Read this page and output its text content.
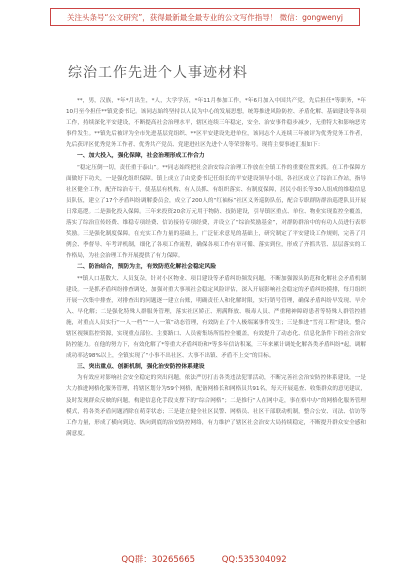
关注头条号“公文研究”，获得最新最全最专业的公文写作指导！ 微信：gongwenyj
综治工作先进个人事迹材料

**，男，汉族，*年*月出生，*人，大学学历，*年11月参加工作，*年6月加入中国共产党，先后担任*等职务，*年10月至今担任**镇党委书记。该同志始终坚持以人民为中心的发展思想，统筹推进风险防控、矛盾化解、基础建设等各项工作，持续深化平安建设，不断提高社会治理水平，辖区连续三年稳定，安全、治安事件稳步减少，无重特大和影响恶劣事件发生。**镇先后被评为全市先进基层党组织、**区平安建设先进单位，该同志个人连续三年被评为优秀党务工作者，先后获评区优秀党务工作者、优秀共产党员、党建进社区先进个人等荣誉称号。现将主要事迹汇报如下：

一、加大投入，强化保障，社会治理形成工作合力

“稳定压倒一切，责任重于泰山”。**同志始终把社会治安综合治理工作放在全镇工作的重要位置来抓。在工作保障方面做好下功夫，一是强化组织保障。镇上成立了由党委书记任组长的平安建设领导小组，各社区成立了综治工作站，指导社区健全工作，配齐综治专干，使基层有机构、有人员抓、有组织落实、有制度保障，居民小组长等30人组成的维稳信息员队伍，建立了17个矛盾纠纷调解委员会，成立了200人的“红袖标”社区义务巡防队伍，配合专职群防群治巡逻队员开展日常巡逻。二是强化投入保障。三年来投资20余万元用于物防、技防建设，引导镇区重点、单位、物业实现监控全覆盖，落实了综治宣传经费、维稳专项经费、信访接待专项经费，并设立了“综治奖励基金”，对群防群治中的有功人员进行表彰奖励。三是强化制度保障。在充实工作力量的基础上，广泛征求意见的基础上，研究制定了平安建设工作规则，完善了月例会、季督导、年考评机制，细化了各项工作流程，确保各项工作有章可循、落实到位，形成了齐抓共管、层层落实的工作格局，为社会治理工作开展提供了有力保障。

二、防治结合，预防为主，有效防范化解社会稳定风险

**镇人口基数大、人员复杂，针对小区物业、项目建设等矛盾纠纷频发问题，不断加强源头防范和化解社会矛盾机制建设。一是抓矛盾纠纷排查调处，加强对重大事项社会稳定风险评估，深入开展影响社会稳定的矛盾纠纷摸排，每月组织开展一次集中排查，对排查出的问题逐一建立台账，明确责任人和化解时限，实行销号管理，确保矛盾纠纷早发现、早介入、早化解；二是强化特殊人群服务管理，落实社区矫正、刑满释放、吸毒人员、严重精神障碍患者等特殊人群管控措施，对重点人员实行“一人一档”“一人一策”动态管理，有效防止了个人极端案事件发生；三是推进“雪亮工程”建设，整合辖区视频监控资源，实现重点部位、主要路口、人员密集场所监控全覆盖，有效提升了动态化、信息化条件下的社会治安防控能力。在他的努力下，有效化解了*等重大矛盾纠纷和*等多年信访积案，三年来累计调处化解各类矛盾纠纷*起，调解成功率达98%以上，全镇实现了“小事不出社区、大事不出镇、矛盾不上交”的目标。

三、突出重点、创新机制，强化治安防控体系建设

为有效应对影响社会安全稳定的突出问题，依法严厉打击各类违法犯罪活动，不断完善社会治安防控体系建设，一是大力推进网格化服务管理，将辖区划分为59个网格，配备网格长和网格员共91名，每天开展巡查、收集群众的意见建议，及时发现群众反映的问题，构建信息化手段支撑下的“综合网格”；二是推行“人在网中走，事在格中办”的网格化服务管理模式，将各类矛盾问题消除在萌芽状态；三是建立健全社区民警、网格员、社区干部联动机制，整合公安、司法、信访等工作力量，形成了横向到边、纵向到底的治安防控网络，有力维护了辖区社会治安大局持续稳定，不断提升群众安全感和满意度。

QQ群：30265665	QQ:535304092
